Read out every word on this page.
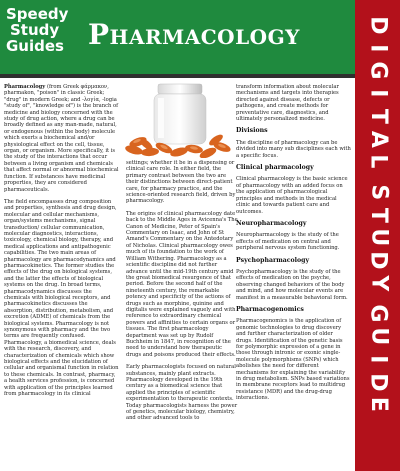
Speedy
Study
Guides Pharmacology	D
I
G
I
T
A
L
S
T
U
D
Y
G
U
I
D
E

Pharmacology (from Greek φάρμακον, pharmakon, "poison" in classic Greek; "drug" in modern Greek; and -λογία, -logia "study of", "knowledge of") is the branch of medicine and biology concerned with the study of drug action, where a drug can be broadly defined as any man-made, natural, or endogenous (within the body) molecule which exerts a biochemical and/or physiological effect on the cell, tissue, organ, or organism. More specifically, it is the study of the interactions that occur between a living organism and chemicals that affect normal or abnormal biochemical function. If substances have medicinal properties, they are considered pharmaceuticals.

The field encompasses drug composition and properties, synthesis and drug design, molecular and cellular mechanisms, organ/systems mechanisms, signal transduction/ cellular communication, molecular diagnostics, interactions, toxicology, chemical biology, therapy, and medical applications and antipathogenic capabilities. The two main areas of pharmacology are pharmacodynamics and pharmacokinetics. The former studies the effects of the drug on biological systems, and the latter the effects of biological systems on the drug. In broad terms, pharmacodynamics discusses the chemicals with biological receptors, and pharmacokinetics discusses the absorption, distribution, metabolism, and excretion (ADME) of chemicals from the biological systems. Pharmacology is not synonymous with pharmacy and the two terms are frequently confused. Pharmacology, a biomedical science, deals with the research, discovery, and characterization of chemicals which show biological effects and the elucidation of cellular and organismal function in relation to these chemicals. In contrast, pharmacy, a health services profession, is concerned with application of the principles learned from pharmacology in its clinical

settings; whether it be in a dispensing or clinical care role. In either field, the primary contrast between the two are their distinctions between direct-patient care, for pharmacy practice, and the science-oriented research field, driven by pharmacology.

The origins of clinical pharmacology date back to the Middle Ages in Avicenna's The Canon of Medicine, Peter of Spain's Commentary on Isaac, and John of St Amand's Commentary on the Antedotary of Nicholas. Clinical pharmacology owes much of its foundation to the work of William Withering. Pharmacology as a scientific discipline did not further advance until the mid-19th century amid the great biomedical resurgence of that period. Before the second half of the nineteenth century, the remarkable potency and specificity of the actions of drugs such as morphine, quinine and digitalis were explained vaguely and with reference to extraordinary chemical powers and affinities to certain organs or tissues. The first pharmacology department was set up by Rudolf Buchheim in 1847, in recognition of the need to understand how therapeutic drugs and poisons produced their effects.

Early pharmacologists focused on natural substances, mainly plant extracts. Pharmacology developed in the 19th century as a biomedical science that applied the principles of scientific experimentation to therapeutic contexts. Today pharmacologists harness the power of genetics, molecular biology, chemistry, and other advanced tools to

transform information about molecular mechanisms and targets into therapies directed against disease, defects or pathogens, and create methods for preventative care, diagnostics, and ultimately personalized medicine.

Divisions

The discipline of pharmacology can be divided into many sub disciplines each with a specific focus.

Clinical pharmacology

Clinical pharmacology is the basic science of pharmacology with an added focus on the application of pharmacological principles and methods in the medical clinic and towards patient care and outcomes.

Neuropharmacology

Neuropharmacology is the study of the effects of medication on central and peripheral nervous system functioning.

Psychopharmacology

Psychopharmacology is the study of the effects of medication on the psyche, observing changed behaviors of the body and mind, and how molecular events are manifest in a measurable behavioral form.

Pharmacogenomics

Pharmacogenomics is the application of genomic technologies to drug discovery and further characterization of older drugs. Identification of the genetic basis for polymorphic expression of a gene in those through intronic or exonic single-molecule polymorphisms (SNPs) which abolishes the need for different mechanisms for explaining the variability in drug metabolism. SNPs based variations in membrane receptors lead to multidrug resistance (MDR) and the drug-drug interactions.
